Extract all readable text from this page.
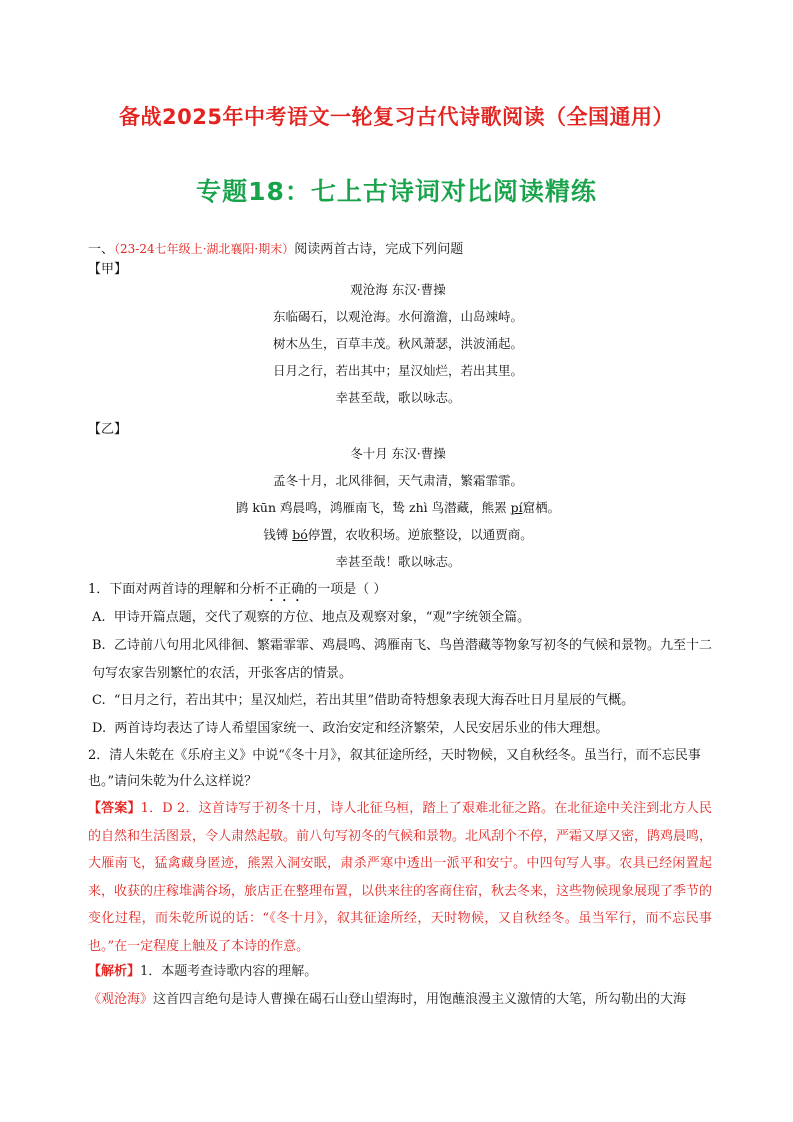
备战2025年中考语文一轮复习古代诗歌阅读（全国通用）
专题18：七上古诗词对比阅读精练
一、（23-24七年级上·湖北襄阳·期末）阅读两首古诗，完成下列问题
【甲】
观沧海 东汉·曹操
东临碣石，以观沧海。水何澹澹，山岛竦峙。
树木丛生，百草丰茂。秋风萧瑟，洪波涌起。
日月之行，若出其中；星汉灿烂，若出其里。
幸甚至哉，歌以咏志。
【乙】
冬十月 东汉·曹操
孟冬十月，北风徘徊，天气肃清，繁霜霏霏。
鹍 kūn 鸡晨鸣，鸿雁南飞，鸷 zhì 鸟潜藏，熊罴 pí窟栖。
钱镈 bó停置，农收积场。逆旅整设，以通贾商。
幸甚至哉！歌以咏志。
1．下面对两首诗的理解和分析不正确的一项是（ ）
A. 甲诗开篇点题，交代了观察的方位、地点及观察对象，“观”字统领全篇。
B. 乙诗前八句用北风徘徊、繁霜霏霏、鸡晨鸣、鸿雁南飞、鸟兽潜藏等物象写初冬的气候和景物。九至十二句写农家告别繁忙的农活，开张客店的情景。
C. “日月之行，若出其中；星汉灿烂，若出其里”借助奇特想象表现大海吞吐日月星辰的气概。
D. 两首诗均表达了诗人希望国家统一、政治安定和经济繁荣，人民安居乐业的伟大理想。
2．清人朱乾在《乐府主义》中说“《冬十月》，叙其征途所经，天时物候，又自秋经冬。虽当行，而不忘民事也。”请问朱乾为什么这样说？
【答案】1．D 2．这首诗写于初冬十月，诗人北征乌桓，踏上了艰难北征之路。在北征途中关注到北方人民的自然和生活图景，令人肃然起敬。前八句写初冬的气候和景物。北风刮个不停，严霜又厚又密，鹍鸡晨鸣，大雁南飞，猛禽藏身匿迹，熊罴入洞安眠，肃杀严寒中透出一派平和安宁。中四句写人事。农具已经闲置起来，收获的庄稼堆满谷场，旅店正在整理布置，以供来往的客商住宿，秋去冬来，这些物候现象展现了季节的变化过程，而朱乾所说的话：“《冬十月》，叙其征途所经，天时物候，又自秋经冬。虽当军行，而不忘民事也。”在一定程度上触及了本诗的作意。
【解析】1．本题考查诗歌内容的理解。
《观沧海》这首四言绝句是诗人曹操在碣石山登山望海时，用饱蘸浪漫主义激情的大笔，所勾勒出的大海
